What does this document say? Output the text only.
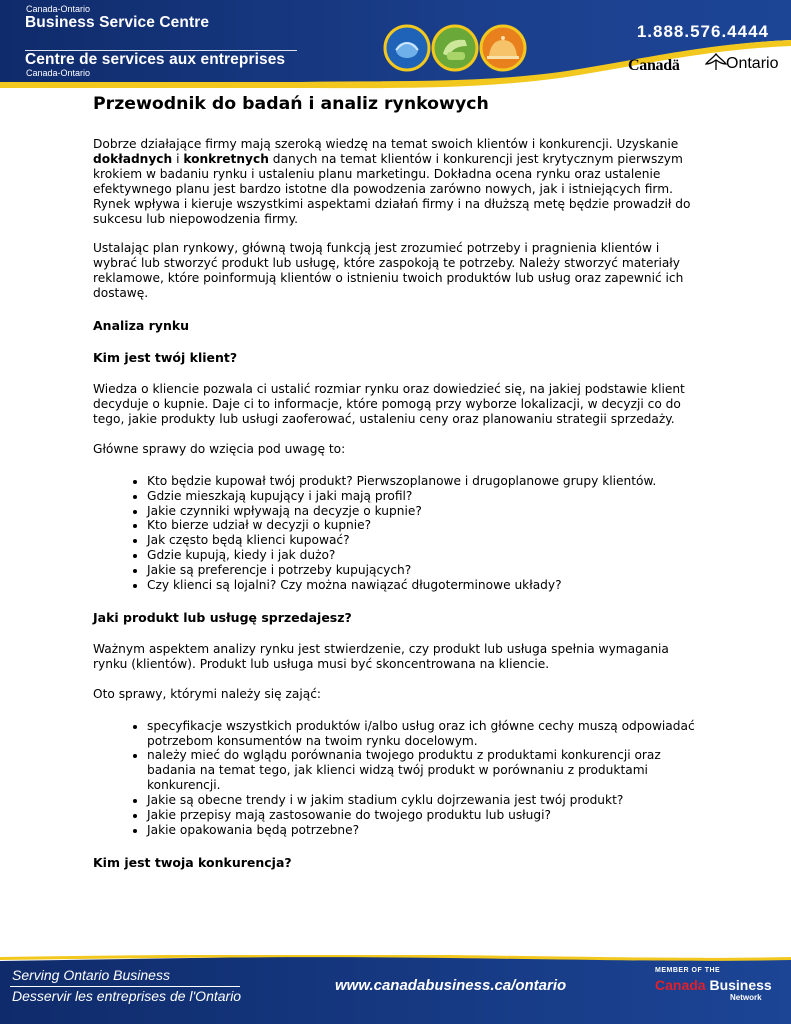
Canada-Ontario
Business Service Centre
Centre de services aux entreprises
Canada-Ontario
1.888.576.4444
Canadä	Ontario
Przewodnik do badań i analiz rynkowych

Dobrze działające firmy mają szeroką wiedzę na temat swoich klientów i konkurencji. Uzyskanie dokładnych i konkretnych danych na temat klientów i konkurencji jest krytycznym pierwszym krokiem w badaniu rynku i ustaleniu planu marketingu. Dokładna ocena rynku oraz ustalenie efektywnego planu jest bardzo istotne dla powodzenia zarówno nowych, jak i istniejących firm. Rynek wpływa i kieruje wszystkimi aspektami działań firmy i na dłuższą metę będzie prowadził do sukcesu lub niepowodzenia firmy.

Ustalając plan rynkowy, główną twoją funkcją jest zrozumieć potrzeby i pragnienia klientów i wybrać lub stworzyć produkt lub usługę, które zaspokoją te potrzeby. Należy stworzyć materiały reklamowe, które poinformują klientów o istnieniu twoich produktów lub usług oraz zapewnić ich dostawę.

Analiza rynku
Kim jest twój klient?

Wiedza o kliencie pozwala ci ustalić rozmiar rynku oraz dowiedzieć się, na jakiej podstawie klient decyduje o kupnie. Daje ci to informacje, które pomogą przy wyborze lokalizacji, w decyzji co do tego, jakie produkty lub usługi zaoferować, ustaleniu ceny oraz planowaniu strategii sprzedaży.

Główne sprawy do wzięcia pod uwagę to:

• Kto będzie kupował twój produkt? Pierwszoplanowe i drugoplanowe grupy klientów.
• Gdzie mieszkają kupujący i jaki mają profil?
• Jakie czynniki wpływają na decyzje o kupnie?
• Kto bierze udział w decyzji o kupnie?
• Jak często będą klienci kupować?
• Gdzie kupują, kiedy i jak dużo?
• Jakie są preferencje i potrzeby kupujących?
• Czy klienci są lojalni? Czy można nawiązać długoterminowe układy?
Jaki produkt lub usługę sprzedajesz?

Ważnym aspektem analizy rynku jest stwierdzenie, czy produkt lub usługa spełnia wymagania rynku (klientów). Produkt lub usługa musi być skoncentrowana na kliencie.

Oto sprawy, którymi należy się zająć:

• specyfikacje wszystkich produktów i/albo usług oraz ich główne cechy muszą odpowiadać potrzebom konsumentów na twoim rynku docelowym.
• należy mieć do wglądu porównania twojego produktu z produktami konkurencji oraz badania na temat tego, jak klienci widzą twój produkt w porównaniu z produktami konkurencji.
• Jakie są obecne trendy i w jakim stadium cyklu dojrzewania jest twój produkt?
• Jakie przepisy mają zastosowanie do twojego produktu lub usługi?
• Jakie opakowania będą potrzebne?
Kim jest twoja konkurencja?
Serving Ontario Business
Desservir les entreprises de l'Ontario
www.canadabusiness.ca/ontario
MEMBER OF THE
Canada Business
Network
